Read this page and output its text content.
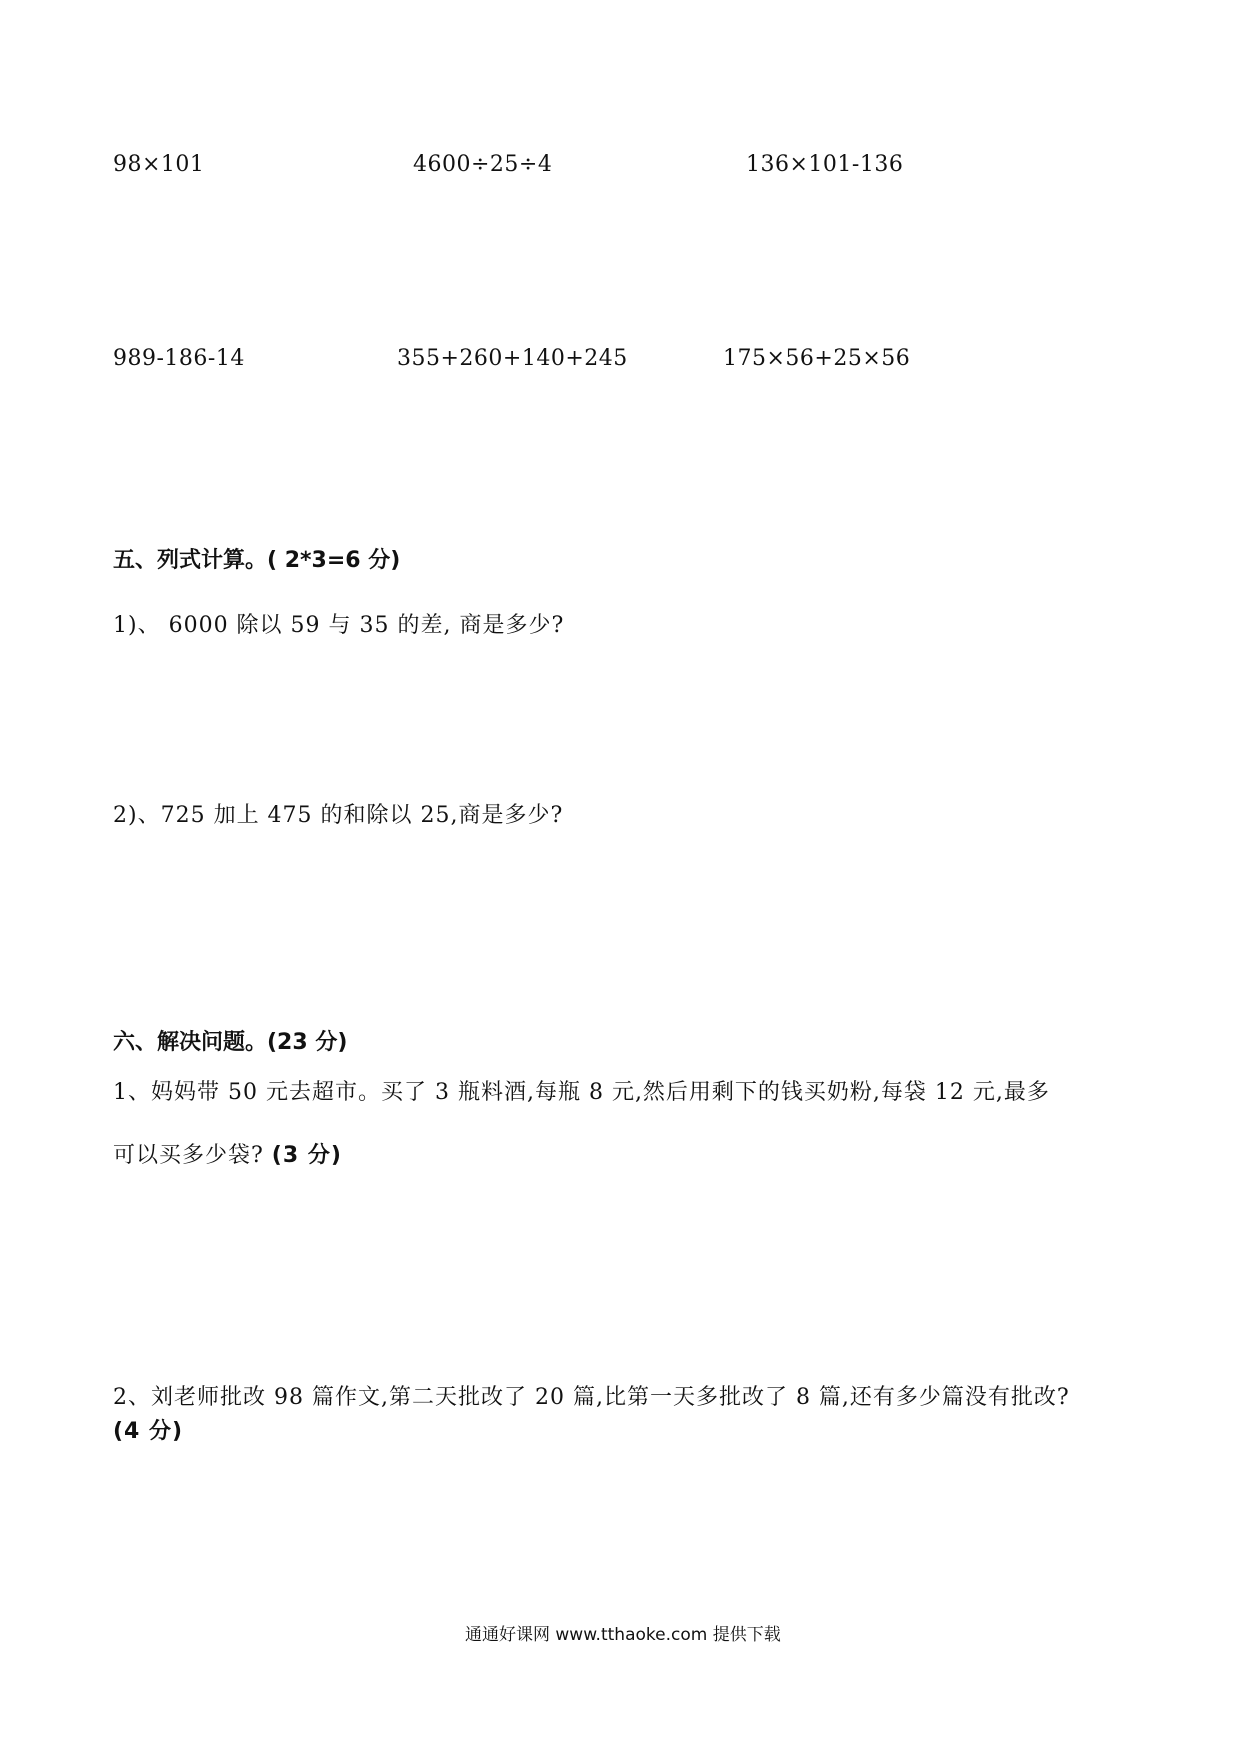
98×101	4600÷25÷4	136×101-136
989-186-14	355+260+140+245	175×56+25×56
五、列式计算。( 2*3=6 分)
1)、 6000 除以 59 与 35 的差, 商是多少?
2)、725 加上 475 的和除以 25,商是多少?
六、解决问题。(23 分)
1、妈妈带 50 元去超市。买了 3 瓶料酒,每瓶 8 元,然后用剩下的钱买奶粉,每袋 12 元,最多
可以买多少袋? (3 分)
2、刘老师批改 98 篇作文,第二天批改了 20 篇,比第一天多批改了 8 篇,还有多少篇没有批改?
(4 分)
通通好课网 www.tthaoke.com 提供下载
